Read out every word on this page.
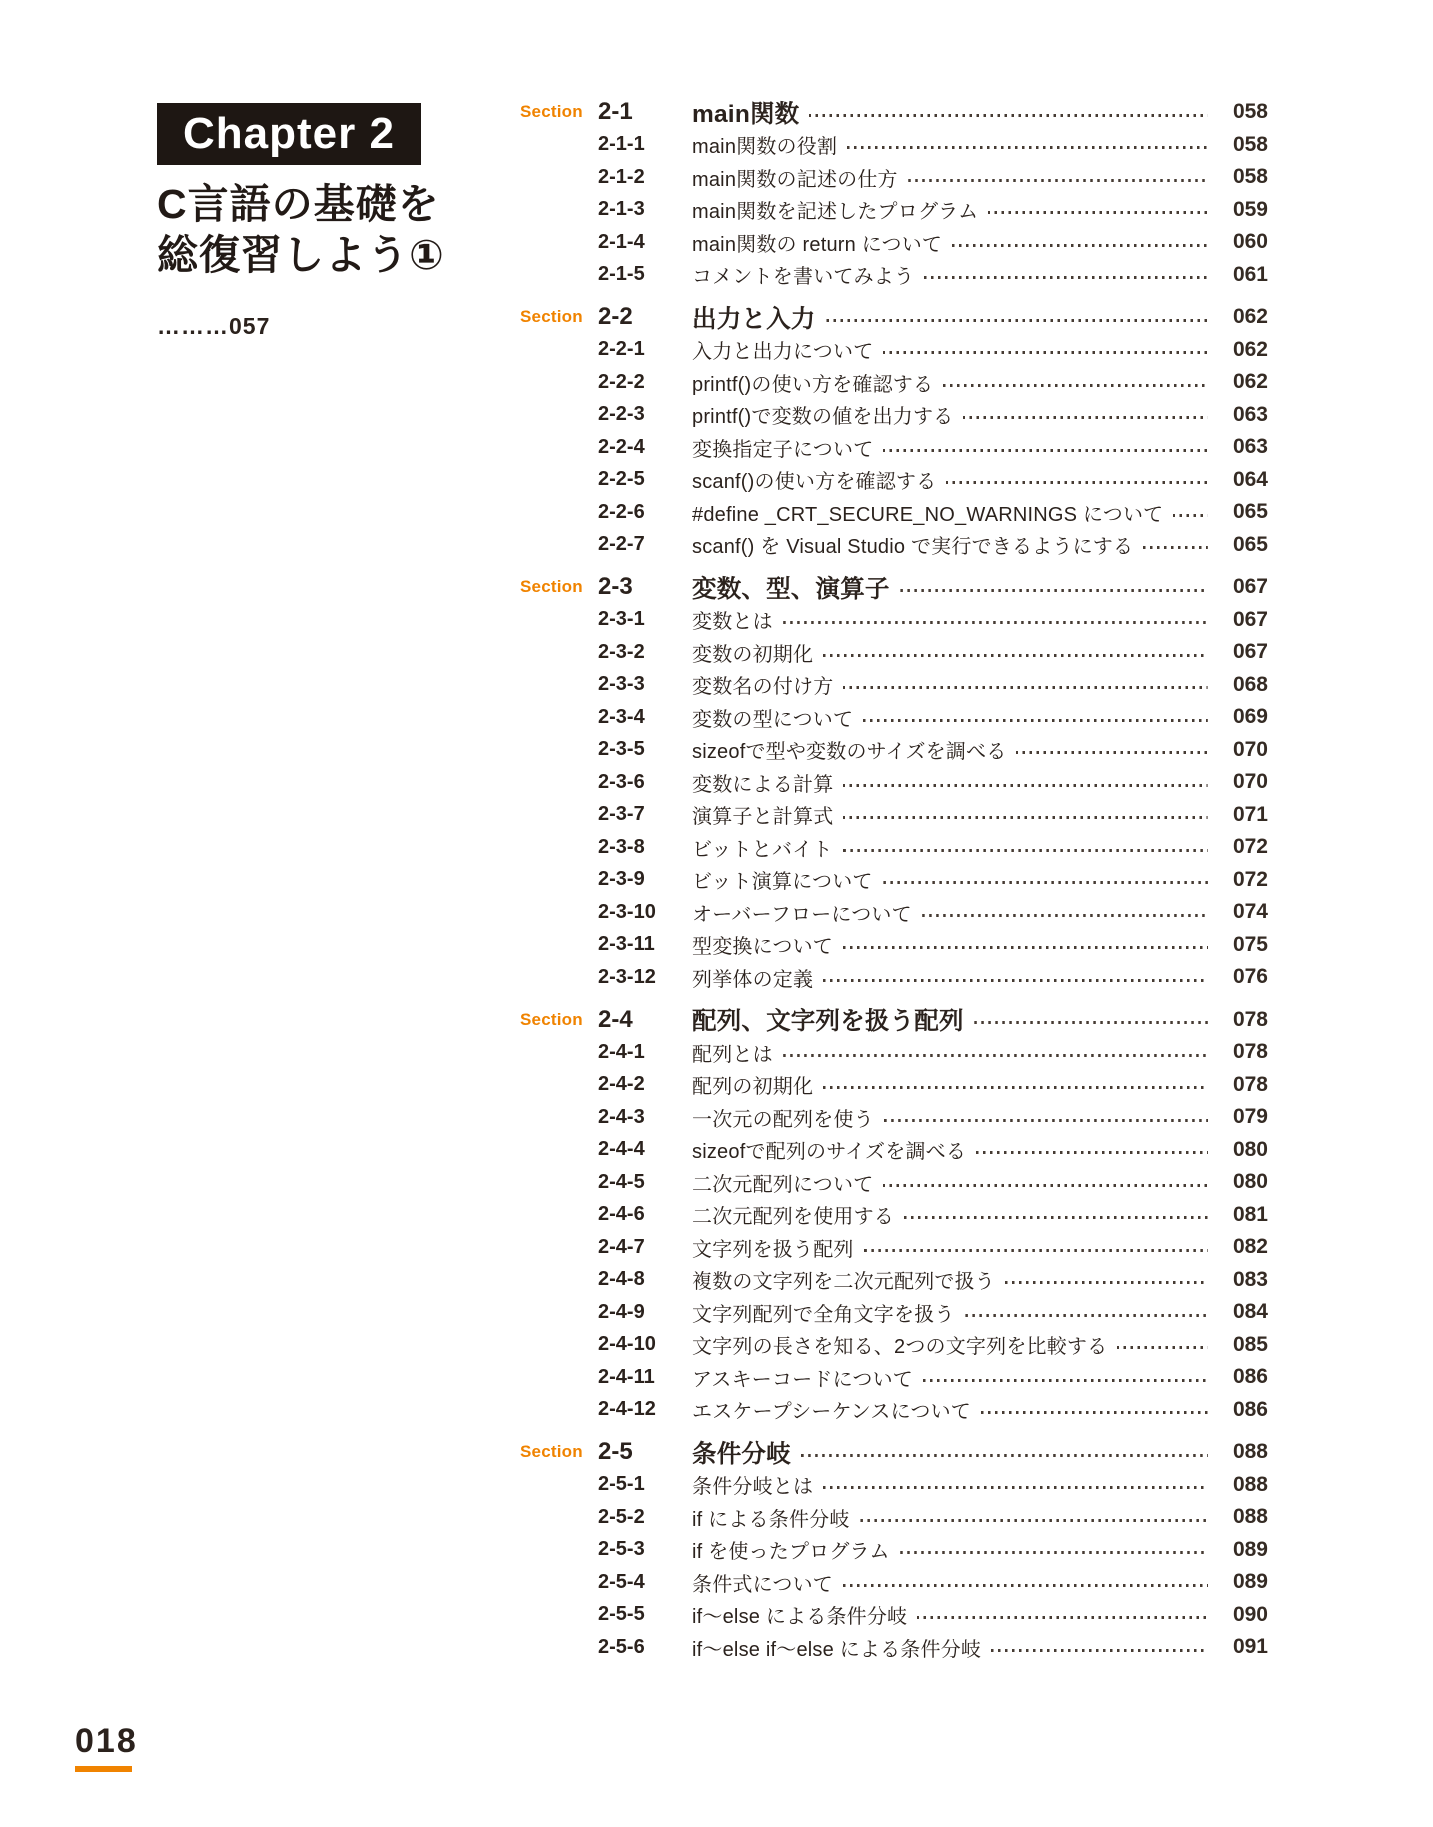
Chapter 2
C言語の基礎を
総復習しよう①
………057
Section 2-1	main関数	058
2-1-1	main関数の役割	058
2-1-2	main関数の記述の仕方	058
2-1-3	main関数を記述したプログラム	059
2-1-4	main関数の return について	060
2-1-5	コメントを書いてみよう	061
Section 2-2	出力と入力	062
2-2-1	入力と出力について	062
2-2-2	printf()の使い方を確認する	062
2-2-3	printf()で変数の値を出力する	063
2-2-4	変換指定子について	063
2-2-5	scanf()の使い方を確認する	064
2-2-6	#define _CRT_SECURE_NO_WARNINGS について	065
2-2-7	scanf() を Visual Studio で実行できるようにする	065
Section 2-3	変数、型、演算子	067
2-3-1	変数とは	067
2-3-2	変数の初期化	067
2-3-3	変数名の付け方	068
2-3-4	変数の型について	069
2-3-5	sizeofで型や変数のサイズを調べる	070
2-3-6	変数による計算	070
2-3-7	演算子と計算式	071
2-3-8	ビットとバイト	072
2-3-9	ビット演算について	072
2-3-10	オーバーフローについて	074
2-3-11	型変換について	075
2-3-12	列挙体の定義	076
Section 2-4	配列、文字列を扱う配列	078
2-4-1	配列とは	078
2-4-2	配列の初期化	078
2-4-3	一次元の配列を使う	079
2-4-4	sizeofで配列のサイズを調べる	080
2-4-5	二次元配列について	080
2-4-6	二次元配列を使用する	081
2-4-7	文字列を扱う配列	082
2-4-8	複数の文字列を二次元配列で扱う	083
2-4-9	文字列配列で全角文字を扱う	084
2-4-10	文字列の長さを知る、2つの文字列を比較する	085
2-4-11	アスキーコードについて	086
2-4-12	エスケープシーケンスについて	086
Section 2-5	条件分岐	088
2-5-1	条件分岐とは	088
2-5-2	if による条件分岐	088
2-5-3	if を使ったプログラム	089
2-5-4	条件式について	089
2-5-5	if～else による条件分岐	090
2-5-6	if～else if～else による条件分岐	091
018
